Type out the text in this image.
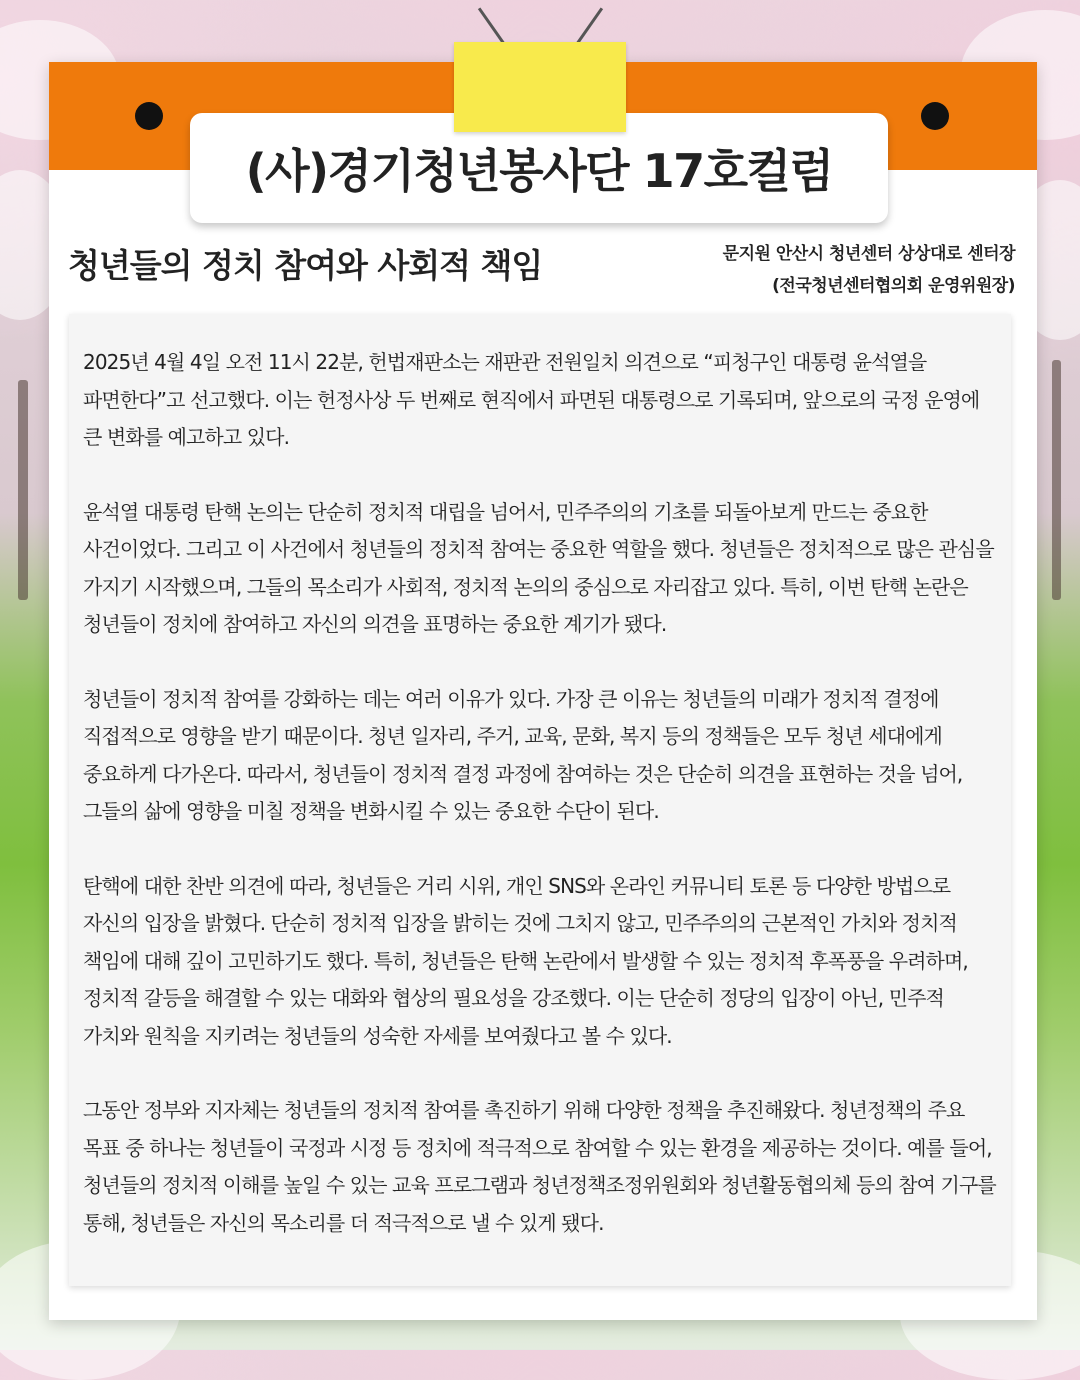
(사)경기청년봉사단 17호컬럼
청년들의 정치 참여와 사회적 책임	문지원 안산시 청년센터 상상대로 센터장
(전국청년센터협의회 운영위원장)

2025년 4월 4일 오전 11시 22분, 헌법재판소는 재판관 전원일치 의견으로 “피청구인 대통령 윤석열을 파면한다”고 선고했다. 이는 헌정사상 두 번째로 현직에서 파면된 대통령으로 기록되며, 앞으로의 국정 운영에 큰 변화를 예고하고 있다.

윤석열 대통령 탄핵 논의는 단순히 정치적 대립을 넘어서, 민주주의의 기초를 되돌아보게 만드는 중요한 사건이었다. 그리고 이 사건에서 청년들의 정치적 참여는 중요한 역할을 했다. 청년들은 정치적으로 많은 관심을 가지기 시작했으며, 그들의 목소리가 사회적, 정치적 논의의 중심으로 자리잡고 있다. 특히, 이번 탄핵 논란은 청년들이 정치에 참여하고 자신의 의견을 표명하는 중요한 계기가 됐다.

청년들이 정치적 참여를 강화하는 데는 여러 이유가 있다. 가장 큰 이유는 청년들의 미래가 정치적 결정에 직접적으로 영향을 받기 때문이다. 청년 일자리, 주거, 교육, 문화, 복지 등의 정책들은 모두 청년 세대에게 중요하게 다가온다. 따라서, 청년들이 정치적 결정 과정에 참여하는 것은 단순히 의견을 표현하는 것을 넘어, 그들의 삶에 영향을 미칠 정책을 변화시킬 수 있는 중요한 수단이 된다.

탄핵에 대한 찬반 의견에 따라, 청년들은 거리 시위, 개인 SNS와 온라인 커뮤니티 토론 등 다양한 방법으로 자신의 입장을 밝혔다. 단순히 정치적 입장을 밝히는 것에 그치지 않고, 민주주의의 근본적인 가치와 정치적 책임에 대해 깊이 고민하기도 했다. 특히, 청년들은 탄핵 논란에서 발생할 수 있는 정치적 후폭풍을 우려하며, 정치적 갈등을 해결할 수 있는 대화와 협상의 필요성을 강조했다. 이는 단순히 정당의 입장이 아닌, 민주적 가치와 원칙을 지키려는 청년들의 성숙한 자세를 보여줬다고 볼 수 있다.

그동안 정부와 지자체는 청년들의 정치적 참여를 촉진하기 위해 다양한 정책을 추진해왔다. 청년정책의 주요 목표 중 하나는 청년들이 국정과 시정 등 정치에 적극적으로 참여할 수 있는 환경을 제공하는 것이다. 예를 들어, 청년들의 정치적 이해를 높일 수 있는 교육 프로그램과 청년정책조정위원회와 청년활동협의체 등의 참여 기구를 통해, 청년들은 자신의 목소리를 더 적극적으로 낼 수 있게 됐다.
